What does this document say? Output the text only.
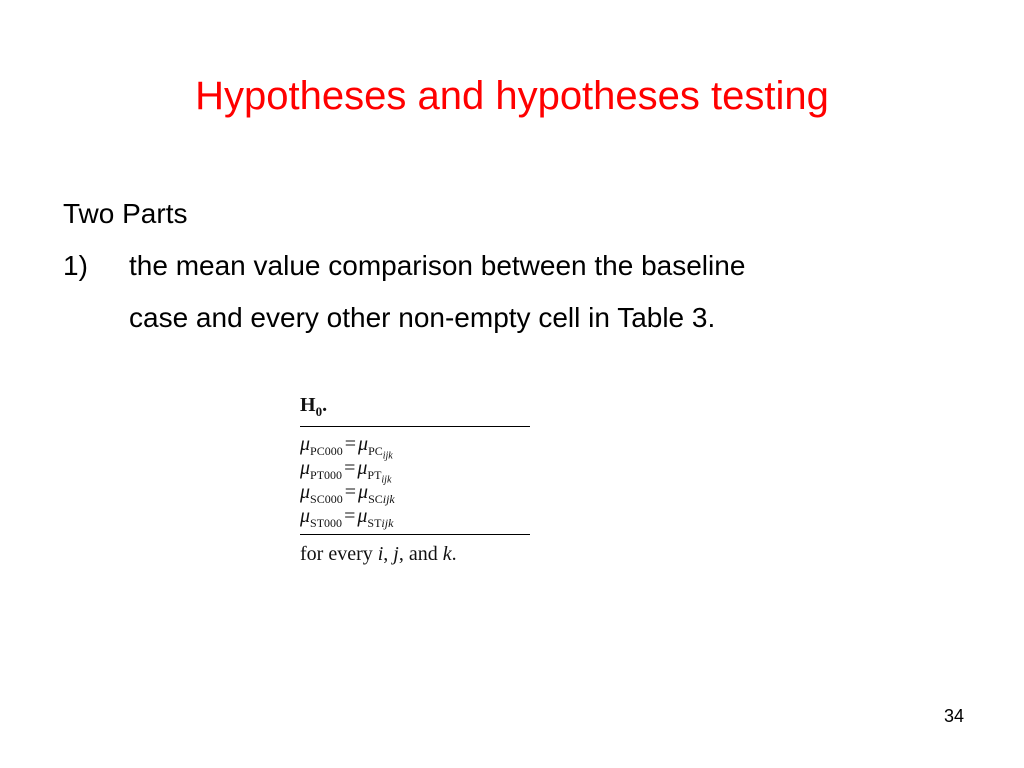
Hypotheses and hypotheses testing
Two Parts
1)	the mean value comparison between the baseline
case and every other non-empty cell in Table 3.
$H_0$.
$\mu_{PC000} = \mu_{PC_{ijk}}$
$\mu_{PT000} = \mu_{PT_{ijk}}$
$\mu_{SC000} = \mu_{SCijk}$
$\mu_{ST000} = \mu_{STijk}$
for every i, j, and k.
34
